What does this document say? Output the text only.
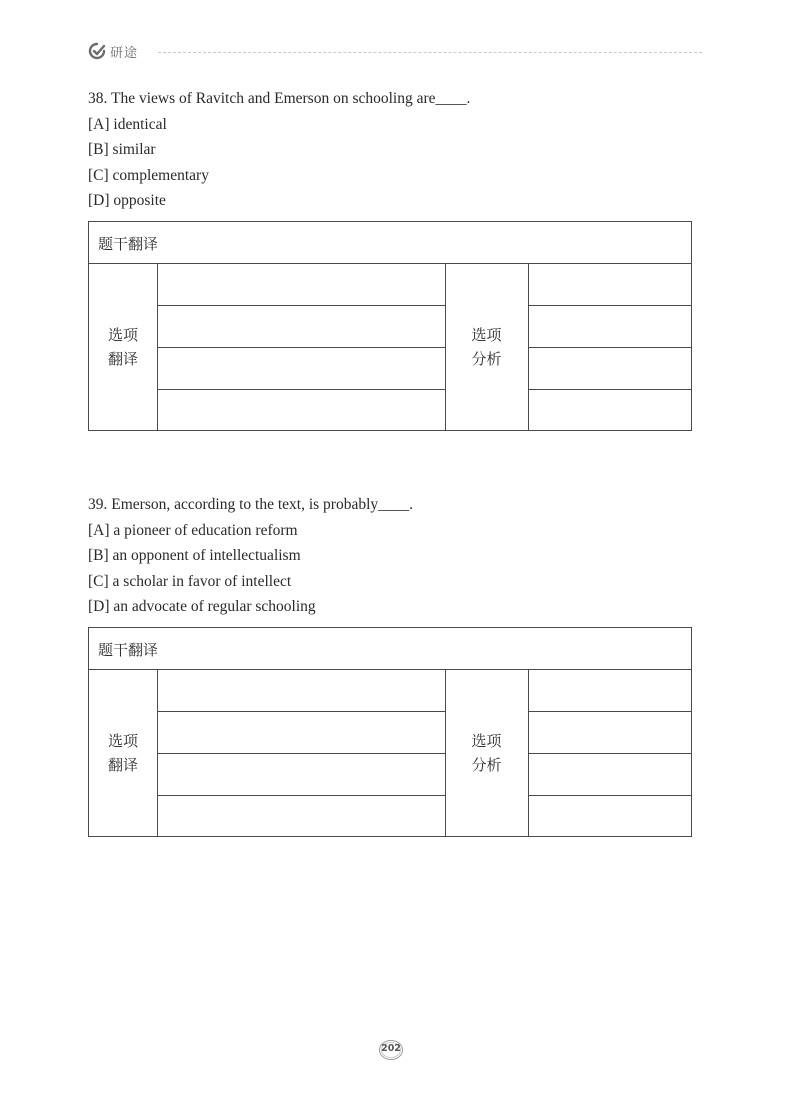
研途
38. The views of Ravitch and Emerson on schooling are____.
[A] identical
[B] similar
[C] complementary
[D] opposite
题干翻译
选项
翻译
选项
分析
39. Emerson, according to the text, is probably____.
[A] a pioneer of education reform
[B] an opponent of intellectualism
[C] a scholar in favor of intellect
[D] an advocate of regular schooling
题干翻译
选项
翻译
选项
分析
202
